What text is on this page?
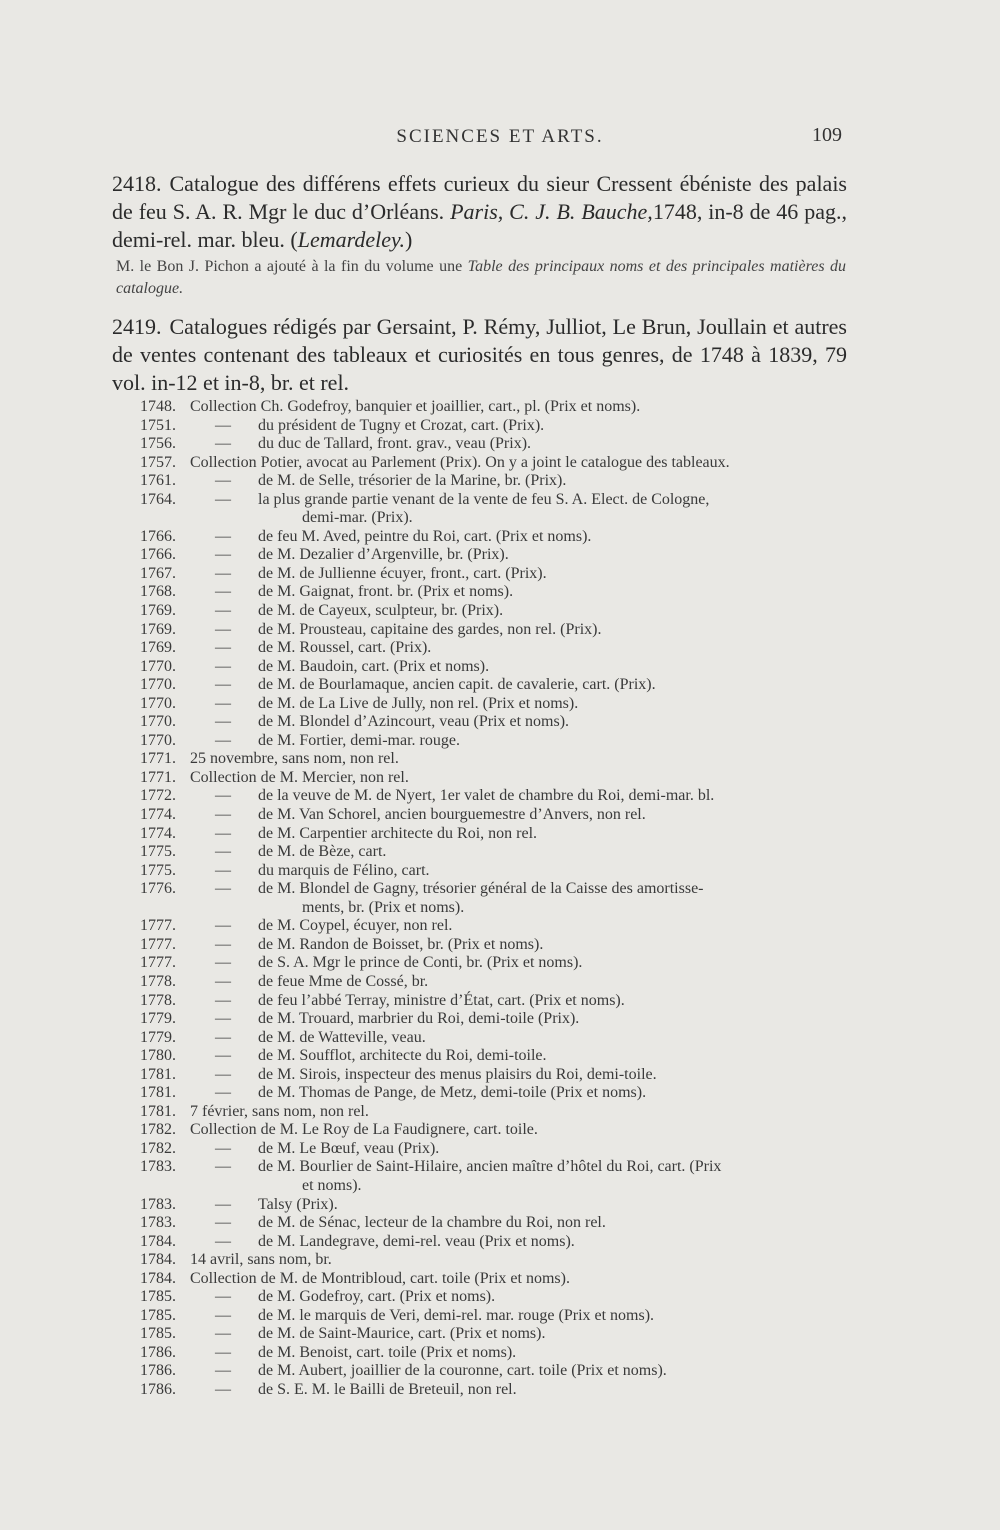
SCIENCES ET ARTS.	109
2418. Catalogue des différens effets curieux du sieur Cressent ébéniste des palais de feu S. A. R. Mgr le duc d’Orléans. Paris, C. J. B. Bauche,1748, in-8 de 46 pag., demi-rel. mar. bleu. (Lemardeley.)
M. le Bon J. Pichon a ajouté à la fin du volume une Table des principaux noms et des principales matières du catalogue.
2419. Catalogues rédigés par Gersaint, P. Rémy, Julliot, Le Brun, Joullain et autres de ventes contenant des tableaux et curiosités en tous genres, de 1748 à 1839, 79 vol. in-12 et in-8, br. et rel.
1748. Collection Ch. Godefroy, banquier et joaillier, cart., pl. (Prix et noms).
1751.	—	du président de Tugny et Crozat, cart. (Prix).
1756.	—	du duc de Tallard, front. grav., veau (Prix).
1757. Collection Potier, avocat au Parlement (Prix). On y a joint le catalogue des tableaux.
1761.	—	de M. de Selle, trésorier de la Marine, br. (Prix).
1764.	—	la plus grande partie venant de la vente de feu S. A. Elect. de Cologne,
demi-mar. (Prix).
1766.	—	de feu M. Aved, peintre du Roi, cart. (Prix et noms).
1766.	—	de M. Dezalier d’Argenville, br. (Prix).
1767.	—	de M. de Jullienne écuyer, front., cart. (Prix).
1768.	—	de M. Gaignat, front. br. (Prix et noms).
1769.	—	de M. de Cayeux, sculpteur, br. (Prix).
1769.	—	de M. Prousteau, capitaine des gardes, non rel. (Prix).
1769.	—	de M. Roussel, cart. (Prix).
1770.	—	de M. Baudoin, cart. (Prix et noms).
1770.	—	de M. de Bourlamaque, ancien capit. de cavalerie, cart. (Prix).
1770.	—	de M. de La Live de Jully, non rel. (Prix et noms).
1770.	—	de M. Blondel d’Azincourt, veau (Prix et noms).
1770.	—	de M. Fortier, demi-mar. rouge.
1771. 25 novembre, sans nom, non rel.
1771. Collection de M. Mercier, non rel.
1772.	—	de la veuve de M. de Nyert, 1er valet de chambre du Roi, demi-mar. bl.
1774.	—	de M. Van Schorel, ancien bourguemestre d’Anvers, non rel.
1774.	—	de M. Carpentier architecte du Roi, non rel.
1775.	—	de M. de Bèze, cart.
1775.	—	du marquis de Félino, cart.
1776.	—	de M. Blondel de Gagny, trésorier général de la Caisse des amortisse-
ments, br. (Prix et noms).
1777.	—	de M. Coypel, écuyer, non rel.
1777.	—	de M. Randon de Boisset, br. (Prix et noms).
1777.	—	de S. A. Mgr le prince de Conti, br. (Prix et noms).
1778.	—	de feue Mme de Cossé, br.
1778.	—	de feu l’abbé Terray, ministre d’État, cart. (Prix et noms).
1779.	—	de M. Trouard, marbrier du Roi, demi-toile (Prix).
1779.	—	de M. de Watteville, veau.
1780.	—	de M. Soufflot, architecte du Roi, demi-toile.
1781.	—	de M. Sirois, inspecteur des menus plaisirs du Roi, demi-toile.
1781.	—	de M. Thomas de Pange, de Metz, demi-toile (Prix et noms).
1781. 7 février, sans nom, non rel.
1782. Collection de M. Le Roy de La Faudignere, cart. toile.
1782.	—	de M. Le Bœuf, veau (Prix).
1783.	—	de M. Bourlier de Saint-Hilaire, ancien maître d’hôtel du Roi, cart. (Prix
et noms).
1783.	—	Talsy (Prix).
1783.	—	de M. de Sénac, lecteur de la chambre du Roi, non rel.
1784.	—	de M. Landegrave, demi-rel. veau (Prix et noms).
1784. 14 avril, sans nom, br.
1784. Collection de M. de Montribloud, cart. toile (Prix et noms).
1785.	—	de M. Godefroy, cart. (Prix et noms).
1785.	—	de M. le marquis de Veri, demi-rel. mar. rouge (Prix et noms).
1785.	—	de M. de Saint-Maurice, cart. (Prix et noms).
1786.	—	de M. Benoist, cart. toile (Prix et noms).
1786.	—	de M. Aubert, joaillier de la couronne, cart. toile (Prix et noms).
1786.	—	de S. E. M. le Bailli de Breteuil, non rel.
